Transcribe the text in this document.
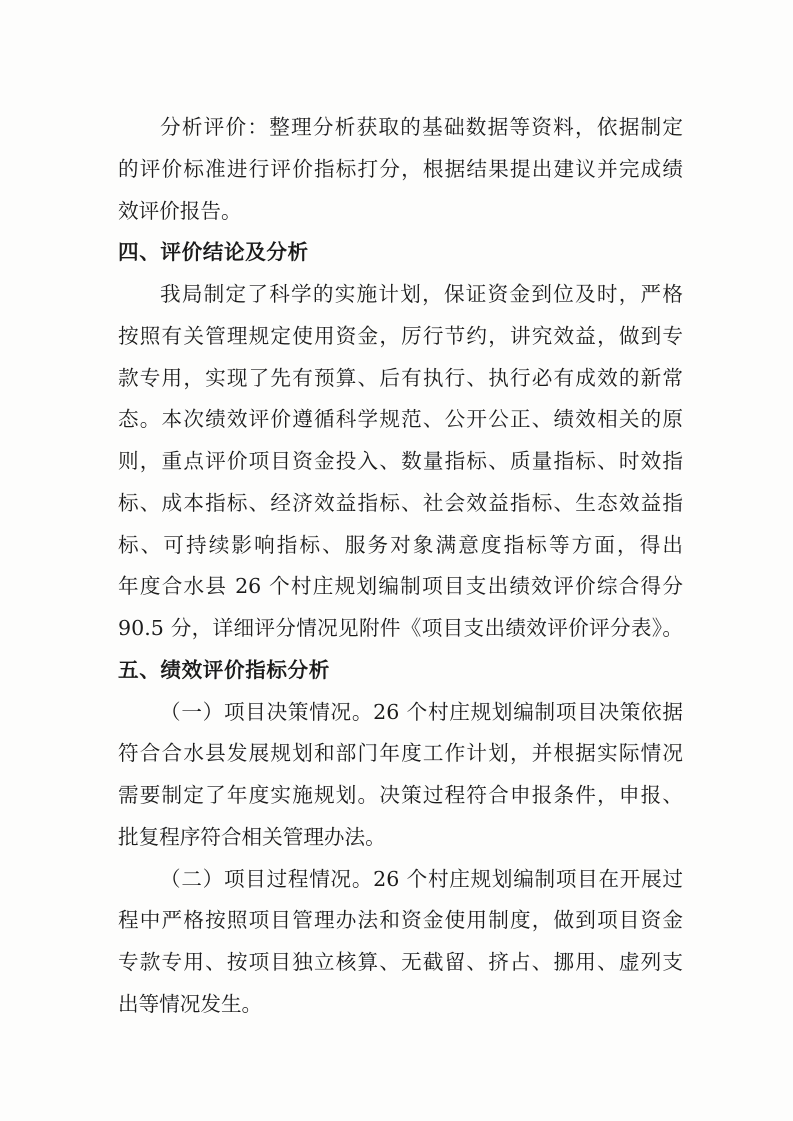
分析评价：整理分析获取的基础数据等资料，依据制定
的评价标准进行评价指标打分，根据结果提出建议并完成绩
效评价报告。
四、评价结论及分析
我局制定了科学的实施计划，保证资金到位及时，严格
按照有关管理规定使用资金，厉行节约，讲究效益，做到专
款专用，实现了先有预算、后有执行、执行必有成效的新常
态。本次绩效评价遵循科学规范、公开公正、绩效相关的原
则，重点评价项目资金投入、数量指标、质量指标、时效指
标、成本指标、经济效益指标、社会效益指标、生态效益指
标、可持续影响指标、服务对象满意度指标等方面，得出
年度合水县 26 个村庄规划编制项目支出绩效评价综合得分
90.5 分，详细评分情况见附件《项目支出绩效评价评分表》。
五、绩效评价指标分析
（一）项目决策情况。26 个村庄规划编制项目决策依据
符合合水县发展规划和部门年度工作计划，并根据实际情况
需要制定了年度实施规划。决策过程符合申报条件，申报、
批复程序符合相关管理办法。
（二）项目过程情况。26 个村庄规划编制项目在开展过
程中严格按照项目管理办法和资金使用制度，做到项目资金
专款专用、按项目独立核算、无截留、挤占、挪用、虚列支
出等情况发生。
